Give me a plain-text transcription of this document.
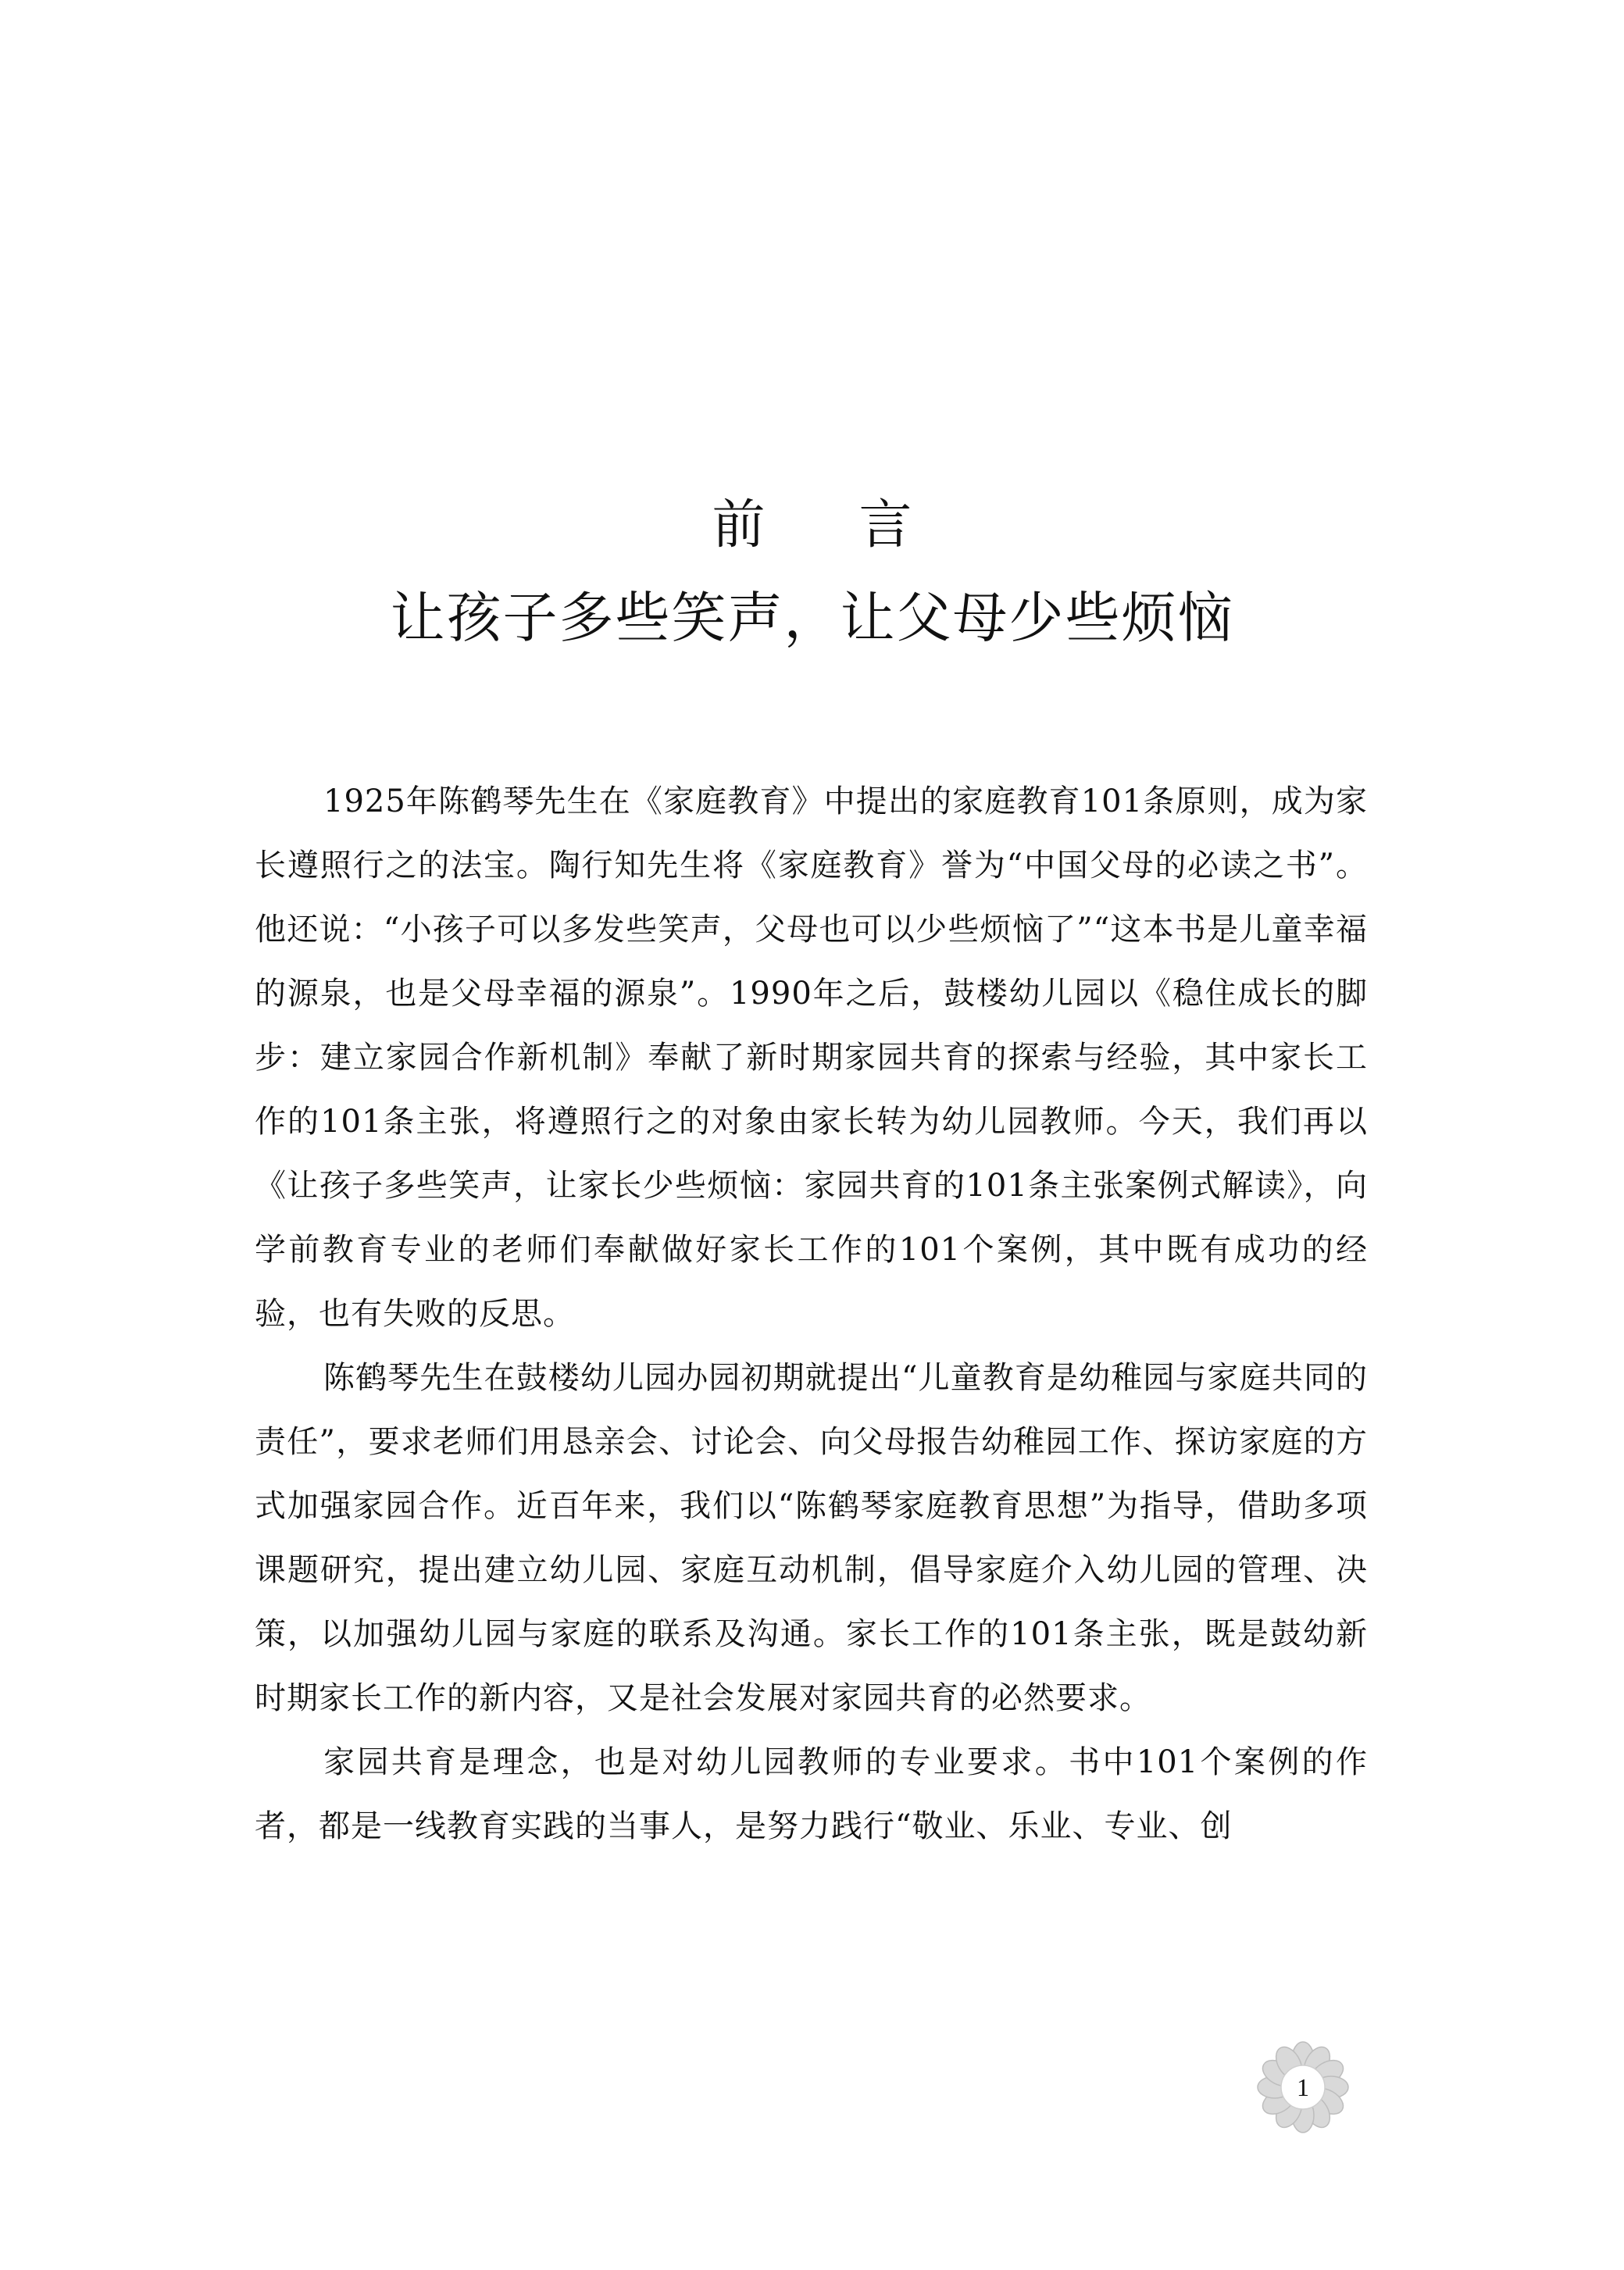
前言
让孩子多些笑声，让父母少些烦恼

1925年陈鹤琴先生在《家庭教育》中提出的家庭教育101条原则，成为家长遵照行之的法宝。陶行知先生将《家庭教育》誉为“中国父母的必读之书”。他还说：“小孩子可以多发些笑声，父母也可以少些烦恼了”“这本书是儿童幸福的源泉，也是父母幸福的源泉”。1990年之后，鼓楼幼儿园以《稳住成长的脚步：建立家园合作新机制》奉献了新时期家园共育的探索与经验，其中家长工作的101条主张，将遵照行之的对象由家长转为幼儿园教师。今天，我们再以《让孩子多些笑声，让家长少些烦恼：家园共育的101条主张案例式解读》，向学前教育专业的老师们奉献做好家长工作的101个案例，其中既有成功的经验，也有失败的反思。

陈鹤琴先生在鼓楼幼儿园办园初期就提出“儿童教育是幼稚园与家庭共同的责任”，要求老师们用恳亲会、讨论会、向父母报告幼稚园工作、探访家庭的方式加强家园合作。近百年来，我们以“陈鹤琴家庭教育思想”为指导，借助多项课题研究，提出建立幼儿园、家庭互动机制，倡导家庭介入幼儿园的管理、决策，以加强幼儿园与家庭的联系及沟通。家长工作的101条主张，既是鼓幼新时期家长工作的新内容，又是社会发展对家园共育的必然要求。

家园共育是理念，也是对幼儿园教师的专业要求。书中101个案例的作者，都是一线教育实践的当事人，是努力践行“敬业、乐业、专业、创

1
